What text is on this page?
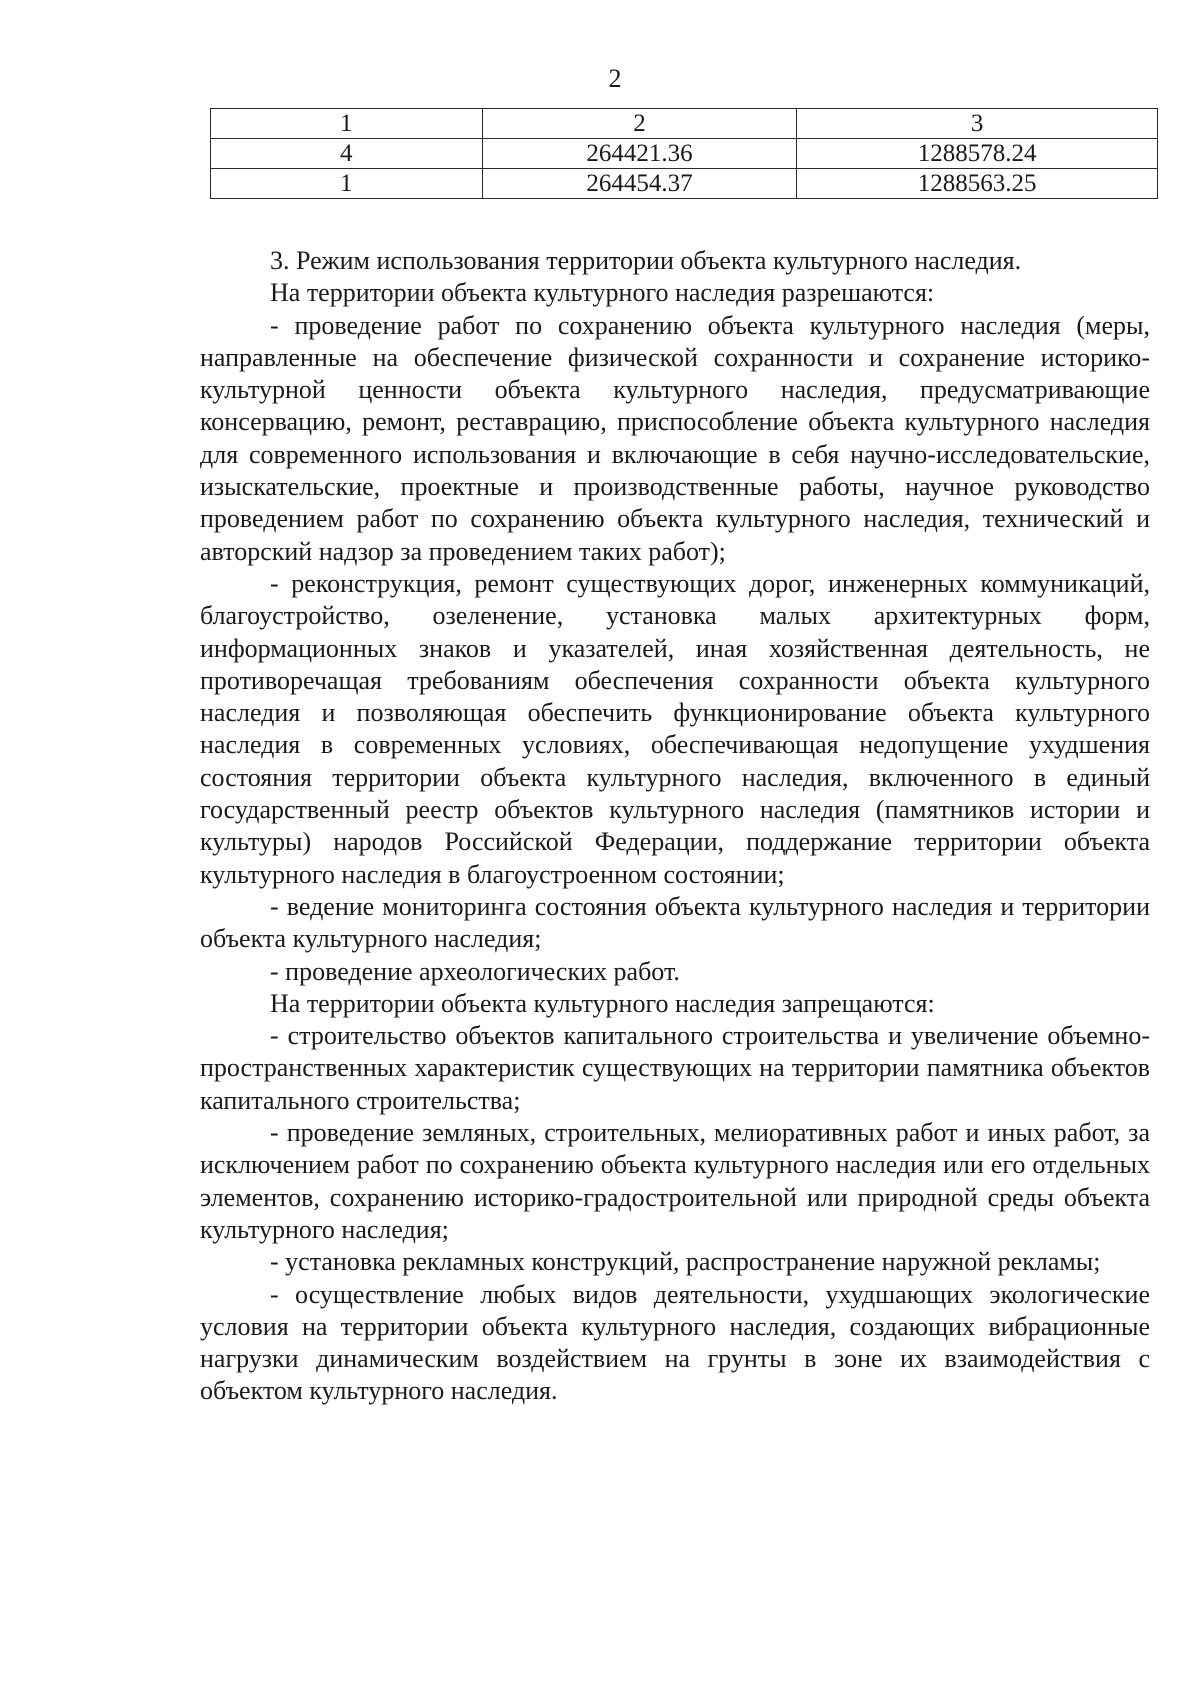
2
1	2	3
4	264421.36	1288578.24
1	264454.37	1288563.25

3. Режим использования территории объекта культурного наследия.

На территории объекта культурного наследия разрешаются:

- проведение работ по сохранению объекта культурного наследия (меры, направленные на обеспечение физической сохранности и сохранение историко-культурной ценности объекта культурного наследия, предусматривающие консервацию, ремонт, реставрацию, приспособление объекта культурного наследия для современного использования и включающие в себя научно-исследовательские, изыскательские, проектные и производственные работы, научное руководство проведением работ по сохранению объекта культурного наследия, технический и авторский надзор за проведением таких работ);

- реконструкция, ремонт существующих дорог, инженерных коммуникаций, благоустройство, озеленение, установка малых архитектурных форм, информационных знаков и указателей, иная хозяйственная деятельность, не противоречащая требованиям обеспечения сохранности объекта культурного наследия и позволяющая обеспечить функционирование объекта культурного наследия в современных условиях, обеспечивающая недопущение ухудшения состояния территории объекта культурного наследия, включенного в единый государственный реестр объектов культурного наследия (памятников истории и культуры) народов Российской Федерации, поддержание территории объекта культурного наследия в благоустроенном состоянии;

- ведение мониторинга состояния объекта культурного наследия и территории объекта культурного наследия;

- проведение археологических работ.

На территории объекта культурного наследия запрещаются:

- строительство объектов капитального строительства и увеличение объемно-пространственных характеристик существующих на территории памятника объектов капитального строительства;

- проведение земляных, строительных, мелиоративных работ и иных работ, за исключением работ по сохранению объекта культурного наследия или его отдельных элементов, сохранению историко-градостроительной или природной среды объекта культурного наследия;

- установка рекламных конструкций, распространение наружной рекламы;

- осуществление любых видов деятельности, ухудшающих экологические условия на территории объекта культурного наследия, создающих вибрационные нагрузки динамическим воздействием на грунты в зоне их взаимодействия с объектом культурного наследия.
